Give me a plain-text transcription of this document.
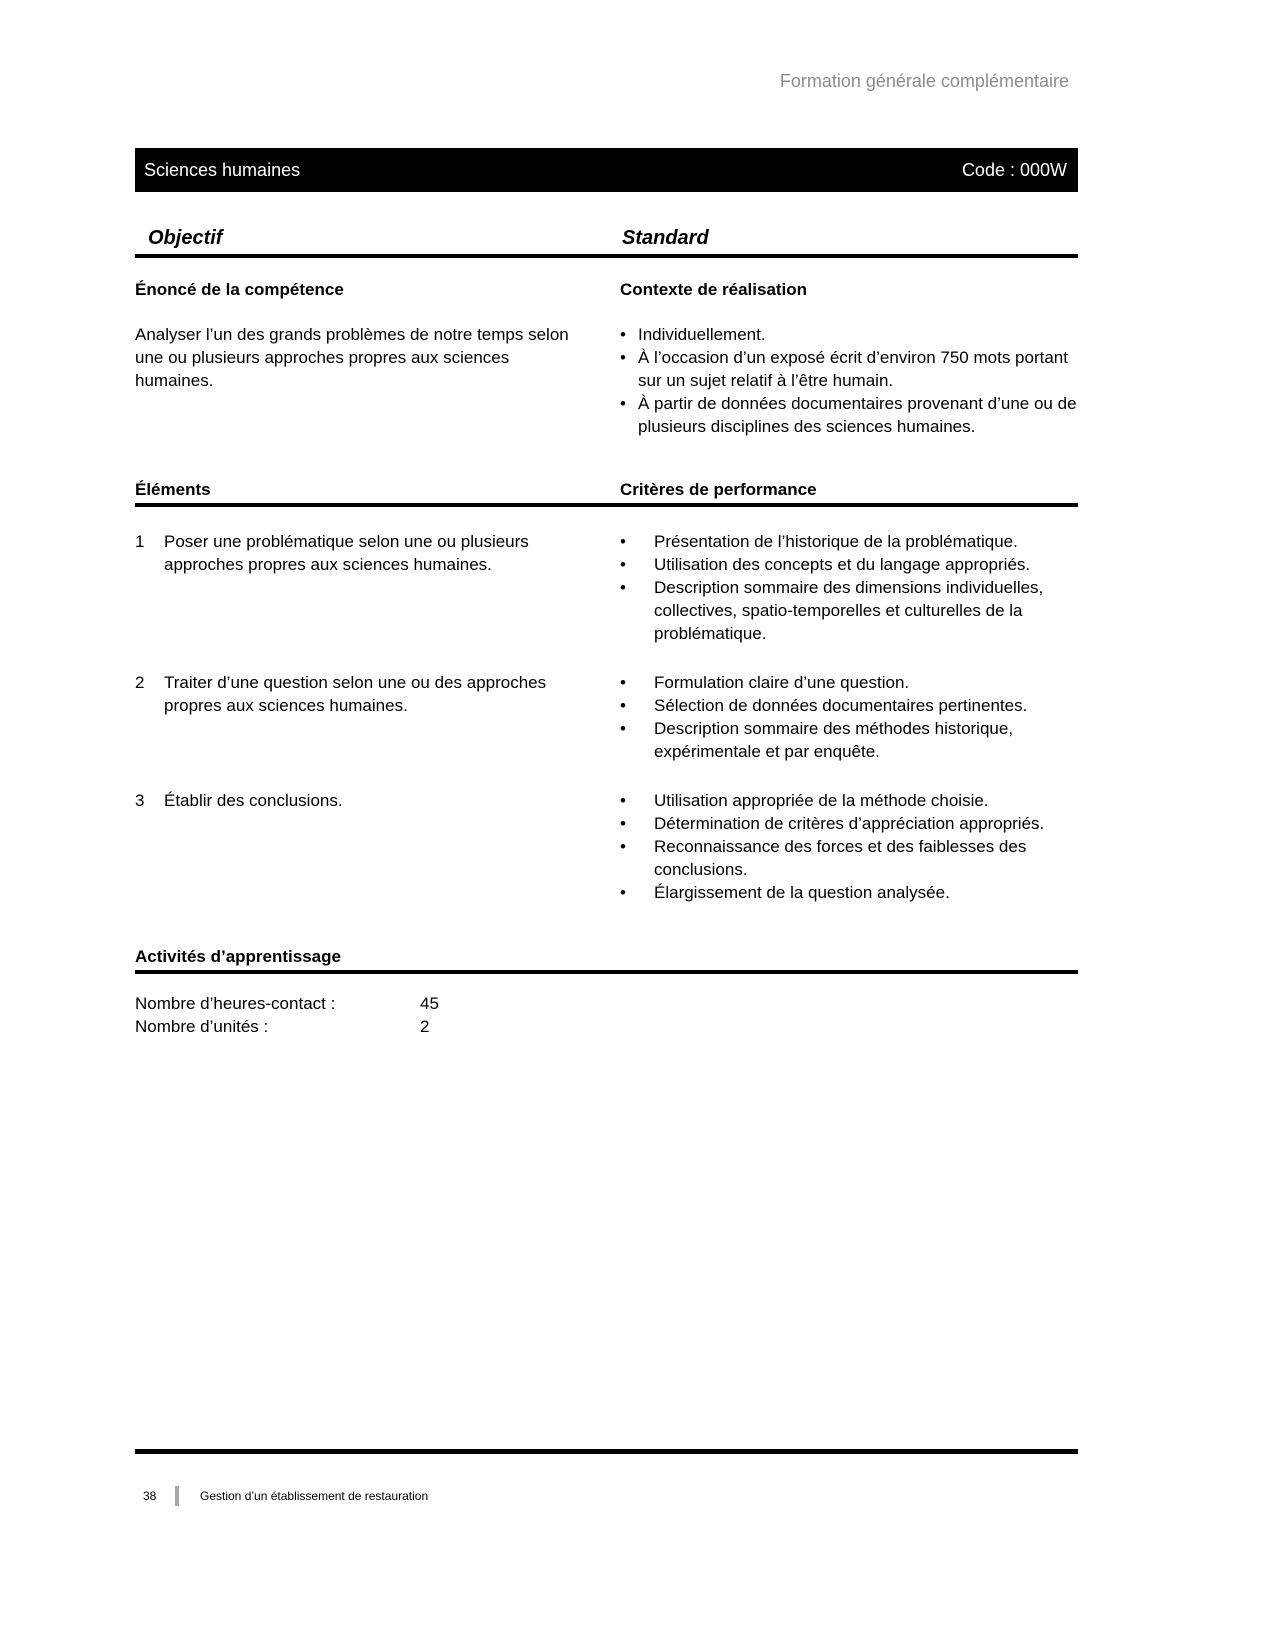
Formation générale complémentaire
Sciences humaines	Code : 000W
Objectif	Standard
Énoncé de la compétence	Contexte de réalisation
Analyser l’un des grands problèmes de notre temps selon une ou plusieurs approches propres aux sciences humaines.
• Individuellement.
• À l’occasion d’un exposé écrit d’environ 750 mots portant sur un sujet relatif à l’être humain.
• À partir de données documentaires provenant d’une ou de plusieurs disciplines des sciences humaines.
Éléments	Critères de performance
1	Poser une problématique selon une ou plusieurs approches propres aux sciences humaines.
•	Présentation de l’historique de la problématique.
•	Utilisation des concepts et du langage appropriés.
•	Description sommaire des dimensions individuelles, collectives, spatio-temporelles et culturelles de la problématique.
2	Traiter d’une question selon une ou des approches propres aux sciences humaines.
•	Formulation claire d’une question.
•	Sélection de données documentaires pertinentes.
•	Description sommaire des méthodes historique, expérimentale et par enquête.
3	Établir des conclusions.	•	Utilisation appropriée de la méthode choisie.
•	Détermination de critères d’appréciation appropriés.
•	Reconnaissance des forces et des faiblesses des conclusions.
•	Élargissement de la question analysée.
Activités d’apprentissage
Nombre d’heures-contact :	45
Nombre d’unités :	2
38	Gestion d’un établissement de restauration
